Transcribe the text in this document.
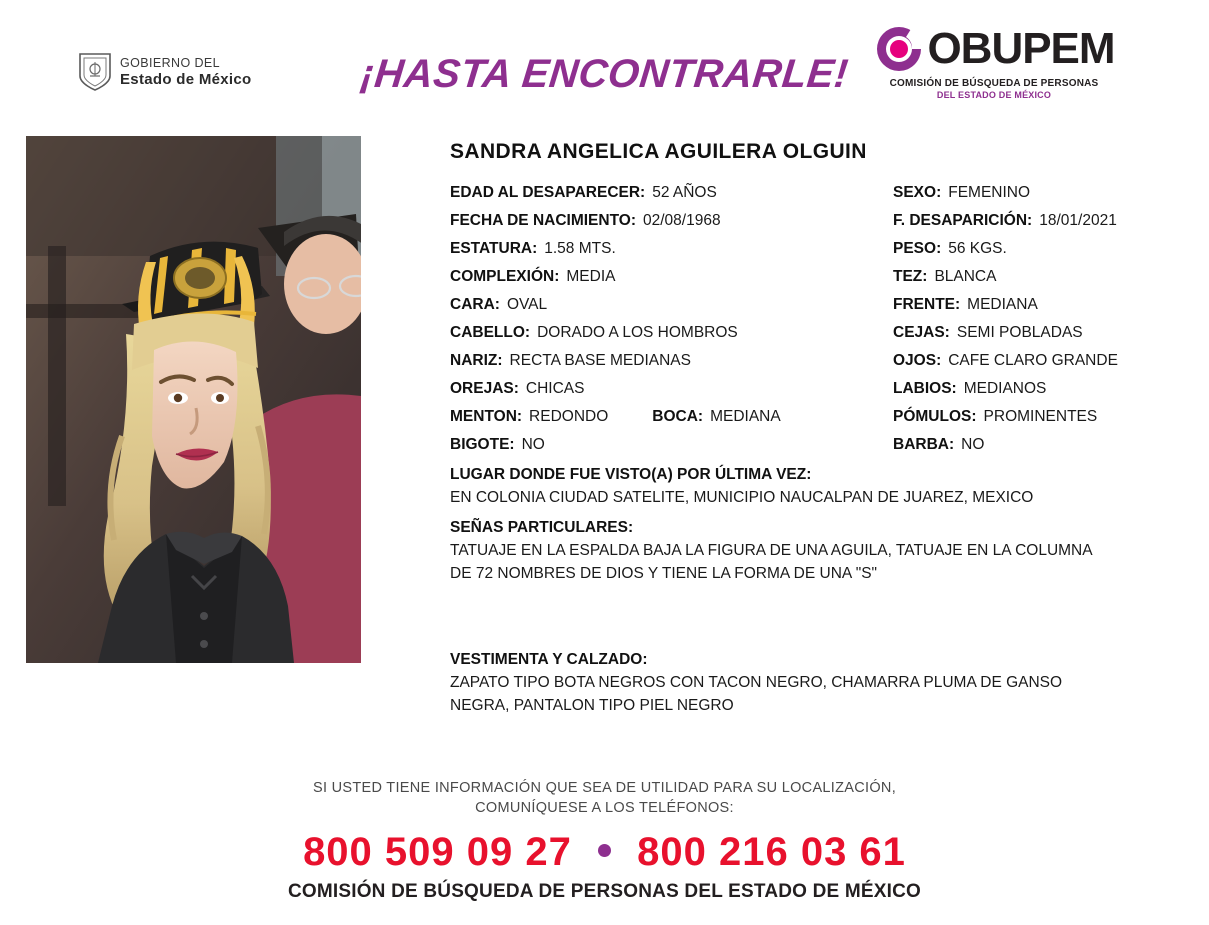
GOBIERNO DEL
Estado de México	¡HASTA ENCONTRARLE!
OBUPEM
COMISIÓN DE BÚSQUEDA DE PERSONAS
DEL ESTADO DE MÉXICO
SANDRA ANGELICA AGUILERA OLGUIN
EDAD AL DESAPARECER: 52 AÑOS	SEXO: FEMENINO
FECHA DE NACIMIENTO: 02/08/1968	F. DESAPARICIÓN: 18/01/2021
ESTATURA: 1.58 MTS.	PESO: 56 KGS.
COMPLEXIÓN: MEDIA	TEZ: BLANCA
CARA: OVAL	FRENTE: MEDIANA
CABELLO: DORADO A LOS HOMBROS	CEJAS: SEMI POBLADAS
NARIZ: RECTA BASE MEDIANAS	OJOS: CAFE CLARO GRANDE
OREJAS: CHICAS	LABIOS: MEDIANOS
MENTON: REDONDO	BOCA: MEDIANA	PÓMULOS: PROMINENTES
BIGOTE: NO	BARBA: NO
LUGAR DONDE FUE VISTO(A) POR ÚLTIMA VEZ:
EN COLONIA CIUDAD SATELITE, MUNICIPIO NAUCALPAN DE JUAREZ, MEXICO
SEÑAS PARTICULARES:
TATUAJE EN LA ESPALDA BAJA LA FIGURA DE UNA AGUILA, TATUAJE EN LA COLUMNA
DE 72 NOMBRES DE DIOS Y TIENE LA FORMA DE UNA "S"
VESTIMENTA Y CALZADO:
ZAPATO TIPO BOTA NEGROS CON TACON NEGRO, CHAMARRA PLUMA DE GANSO
NEGRA, PANTALON TIPO PIEL NEGRO
SI USTED TIENE INFORMACIÓN QUE SEA DE UTILIDAD PARA SU LOCALIZACIÓN,
COMUNÍQUESE A LOS TELÉFONOS:
800 509 09 27 800 216 03 61
COMISIÓN DE BÚSQUEDA DE PERSONAS DEL ESTADO DE MÉXICO
